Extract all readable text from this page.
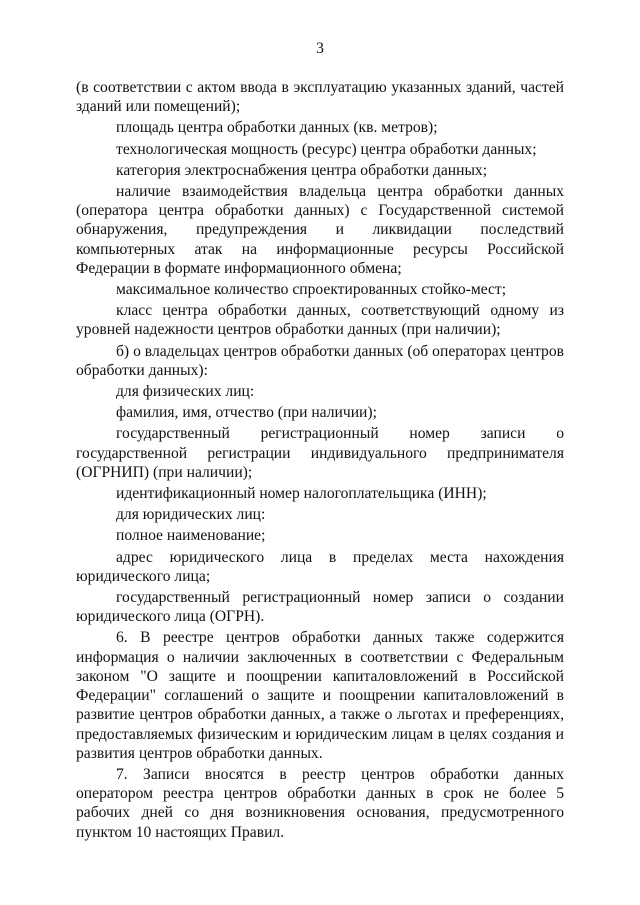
3

(в соответствии с актом ввода в эксплуатацию указанных зданий, частей зданий или помещений);

площадь центра обработки данных (кв. метров);

технологическая мощность (ресурс) центра обработки данных;

категория электроснабжения центра обработки данных;

наличие взаимодействия владельца центра обработки данных (оператора центра обработки данных) с Государственной системой обнаружения, предупреждения и ликвидации последствий компьютерных атак на информационные ресурсы Российской Федерации в формате информационного обмена;

максимальное количество спроектированных стойко-мест;

класс центра обработки данных, соответствующий одному из уровней надежности центров обработки данных (при наличии);

б) о владельцах центров обработки данных (об операторах центров обработки данных):

для физических лиц:

фамилия, имя, отчество (при наличии);

государственный регистрационный номер записи о государственной регистрации индивидуального предпринимателя (ОГРНИП) (при наличии);

идентификационный номер налогоплательщика (ИНН);

для юридических лиц:

полное наименование;

адрес юридического лица в пределах места нахождения юридического лица;

государственный регистрационный номер записи о создании юридического лица (ОГРН).

6. В реестре центров обработки данных также содержится информация о наличии заключенных в соответствии с Федеральным законом "О защите и поощрении капиталовложений в Российской Федерации" соглашений о защите и поощрении капиталовложений в развитие центров обработки данных, а также о льготах и преференциях, предоставляемых физическим и юридическим лицам в целях создания и развития центров обработки данных.

7. Записи вносятся в реестр центров обработки данных оператором реестра центров обработки данных в срок не более 5 рабочих дней со дня возникновения основания, предусмотренного пунктом 10 настоящих Правил.
